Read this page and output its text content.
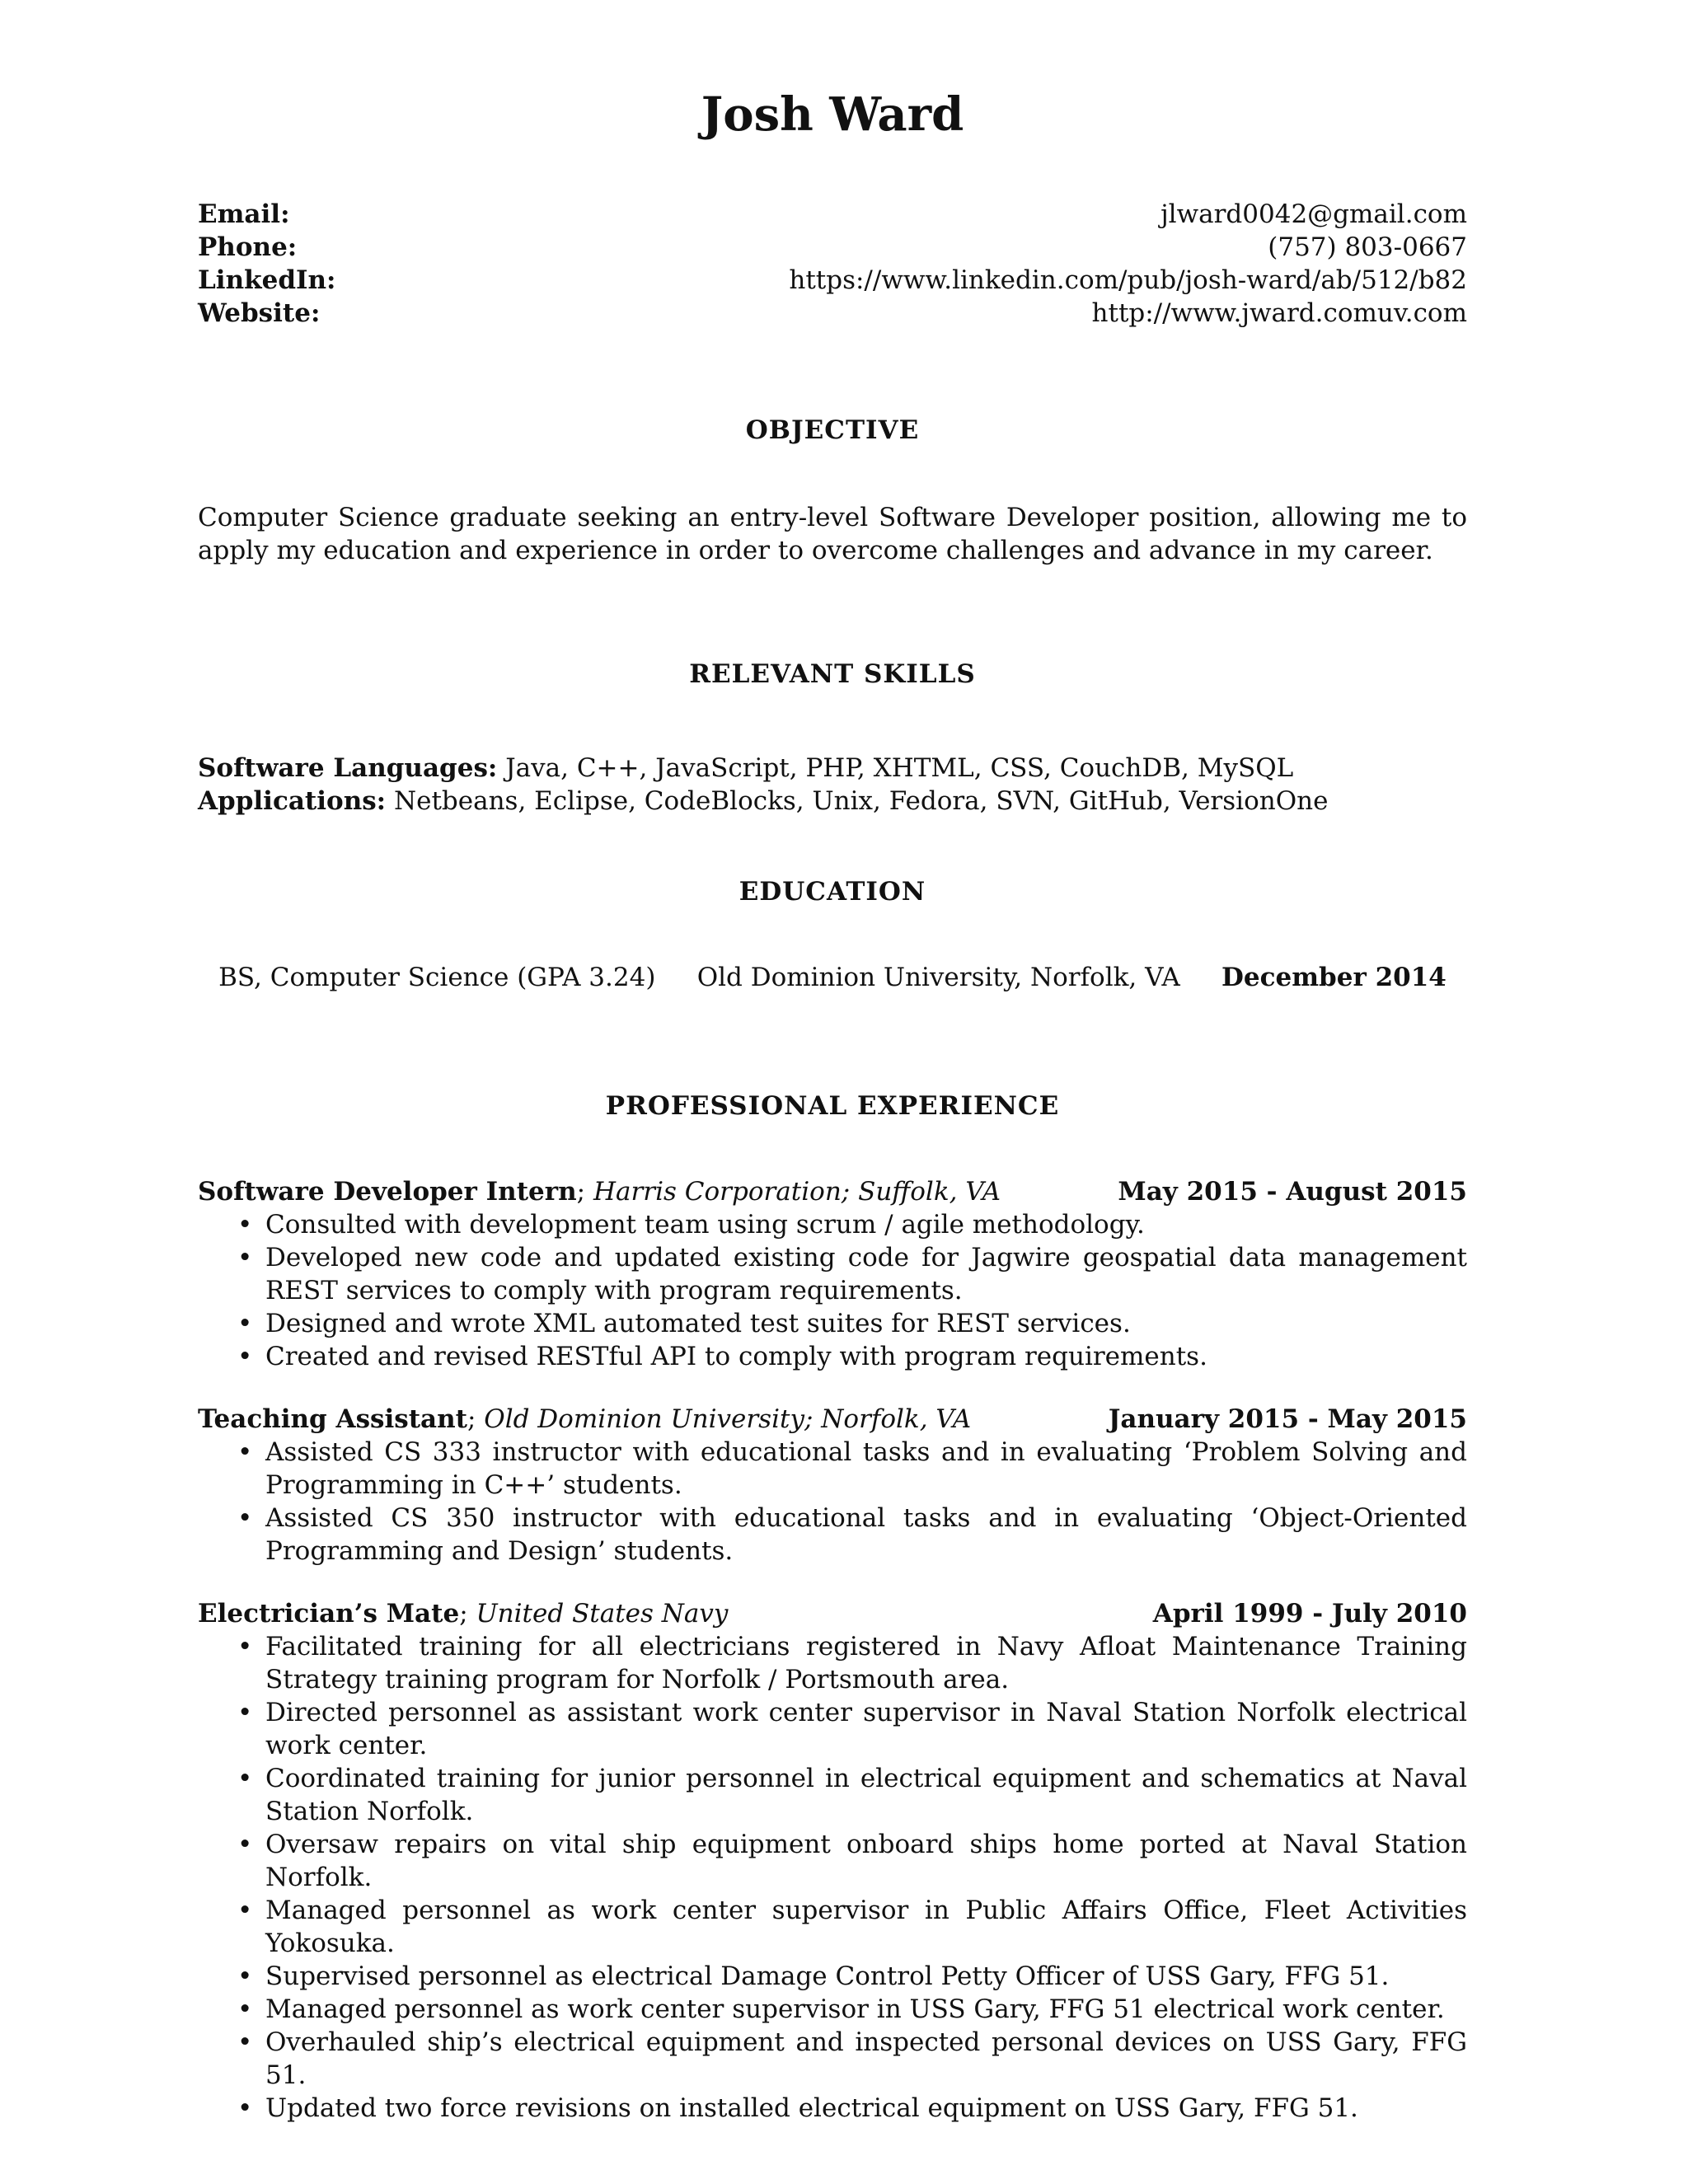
Josh Ward
Email:	jlward0042@gmail.com
Phone:	(757) 803-0667
LinkedIn:	https://www.linkedin.com/pub/josh-ward/ab/512/b82
Website:	http://www.jward.comuv.com
OBJECTIVE
Computer Science graduate seeking an entry-level Software Developer position, allowing me to apply my education and experience in order to overcome challenges and advance in my career.
RELEVANT SKILLS
Software Languages: Java, C++, JavaScript, PHP, XHTML, CSS, CouchDB, MySQL
Applications: Netbeans, Eclipse, CodeBlocks, Unix, Fedora, SVN, GitHub, VersionOne
EDUCATION
BS, Computer Science (GPA 3.24) Old Dominion University, Norfolk, VA December 2014
PROFESSIONAL EXPERIENCE
Software Developer Intern; Harris Corporation; Suffolk, VA	May 2015 - August 2015
• Consulted with development team using scrum / agile methodology.
• Developed new code and updated existing code for Jagwire geospatial data management REST services to comply with program requirements.
• Designed and wrote XML automated test suites for REST services.
• Created and revised RESTful API to comply with program requirements.
Teaching Assistant; Old Dominion University; Norfolk, VA	January 2015 - May 2015
• Assisted CS 333 instructor with educational tasks and in evaluating ‘Problem Solving and Programming in C++’ students.
• Assisted CS 350 instructor with educational tasks and in evaluating ‘Object-Oriented Programming and Design’ students.
Electrician’s Mate; United States Navy	April 1999 - July 2010
• Facilitated training for all electricians registered in Navy Afloat Maintenance Training Strategy training program for Norfolk / Portsmouth area.
• Directed personnel as assistant work center supervisor in Naval Station Norfolk electrical work center.
• Coordinated training for junior personnel in electrical equipment and schematics at Naval Station Norfolk.
• Oversaw repairs on vital ship equipment onboard ships home ported at Naval Station Norfolk.
• Managed personnel as work center supervisor in Public Affairs Office, Fleet Activities Yokosuka.
• Supervised personnel as electrical Damage Control Petty Officer of USS Gary, FFG 51.
• Managed personnel as work center supervisor in USS Gary, FFG 51 electrical work center.
• Overhauled ship’s electrical equipment and inspected personal devices on USS Gary, FFG 51.
• Updated two force revisions on installed electrical equipment on USS Gary, FFG 51.
